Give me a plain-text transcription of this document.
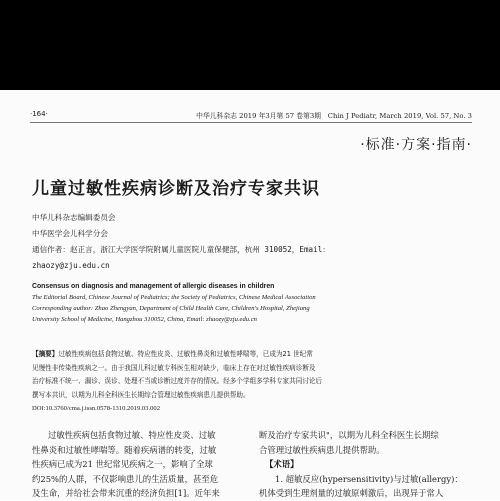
·164·	中华儿科杂志 2019 年3月第 57 卷第3期　Chin J Pediatr, March 2019, Vol. 57, No. 3
·标准·方案·指南·
儿童过敏性疾病诊断及治疗专家共识
中华儿科杂志编辑委员会
中华医学会儿科学分会
通信作者：赵正言，浙江大学医学院附属儿童医院儿童保健部，杭州 310052，Email：
zhaozy@zju.edu.cn
Consensus on diagnosis and management of allergic diseases in children
The Editorial Board, Chinese Journal of Pediatrics; the Society of Pediatrics, Chinese Medical Association
Corresponding author: Zhao Zhengyan, Department of Child Health Care, Children's Hospital, Zhejiang
University School of Medicine, Hangzhou 310052, China, Email: zhaozy@zju.edu.cn
【摘要】过敏性疾病包括食物过敏、特应性皮炎、过敏性鼻炎和过敏性哮喘等，已成为21 世纪常
见慢性非传染性疾病之一。由于我国儿科过敏专科医生相对缺少，临床上存在对过敏性疾病诊断及
治疗标准不统一、漏诊、误诊、处理不当或诊断过度并存的情况。经多个学组多学科专家共同讨论后
撰写本共识，以期为儿科全科医生长期综合管理过敏性疾病患儿提供帮助。
DOI:10.3760/cma.j.issn.0578-1310.2019.03.002
过敏性疾病包括食物过敏、特应性皮炎、过敏
性鼻炎和过敏性哮喘等。随着疾病谱的转变，过敏
性疾病已成为21 世纪常见疾病之一，影响了全球
约25%的人群，不仅影响患儿的生活质量，甚至危
及生命，并给社会带来沉重的经济负担[1]。近年来
断及治疗专家共识"，以期为儿科全科医生长期综
合管理过敏性疾病患儿提供帮助。
【术语】
1. 超敏反应(hypersensitivity)与过敏(allergy)：
机体受到生理剂量的过敏原刺激后，出现异于常人
